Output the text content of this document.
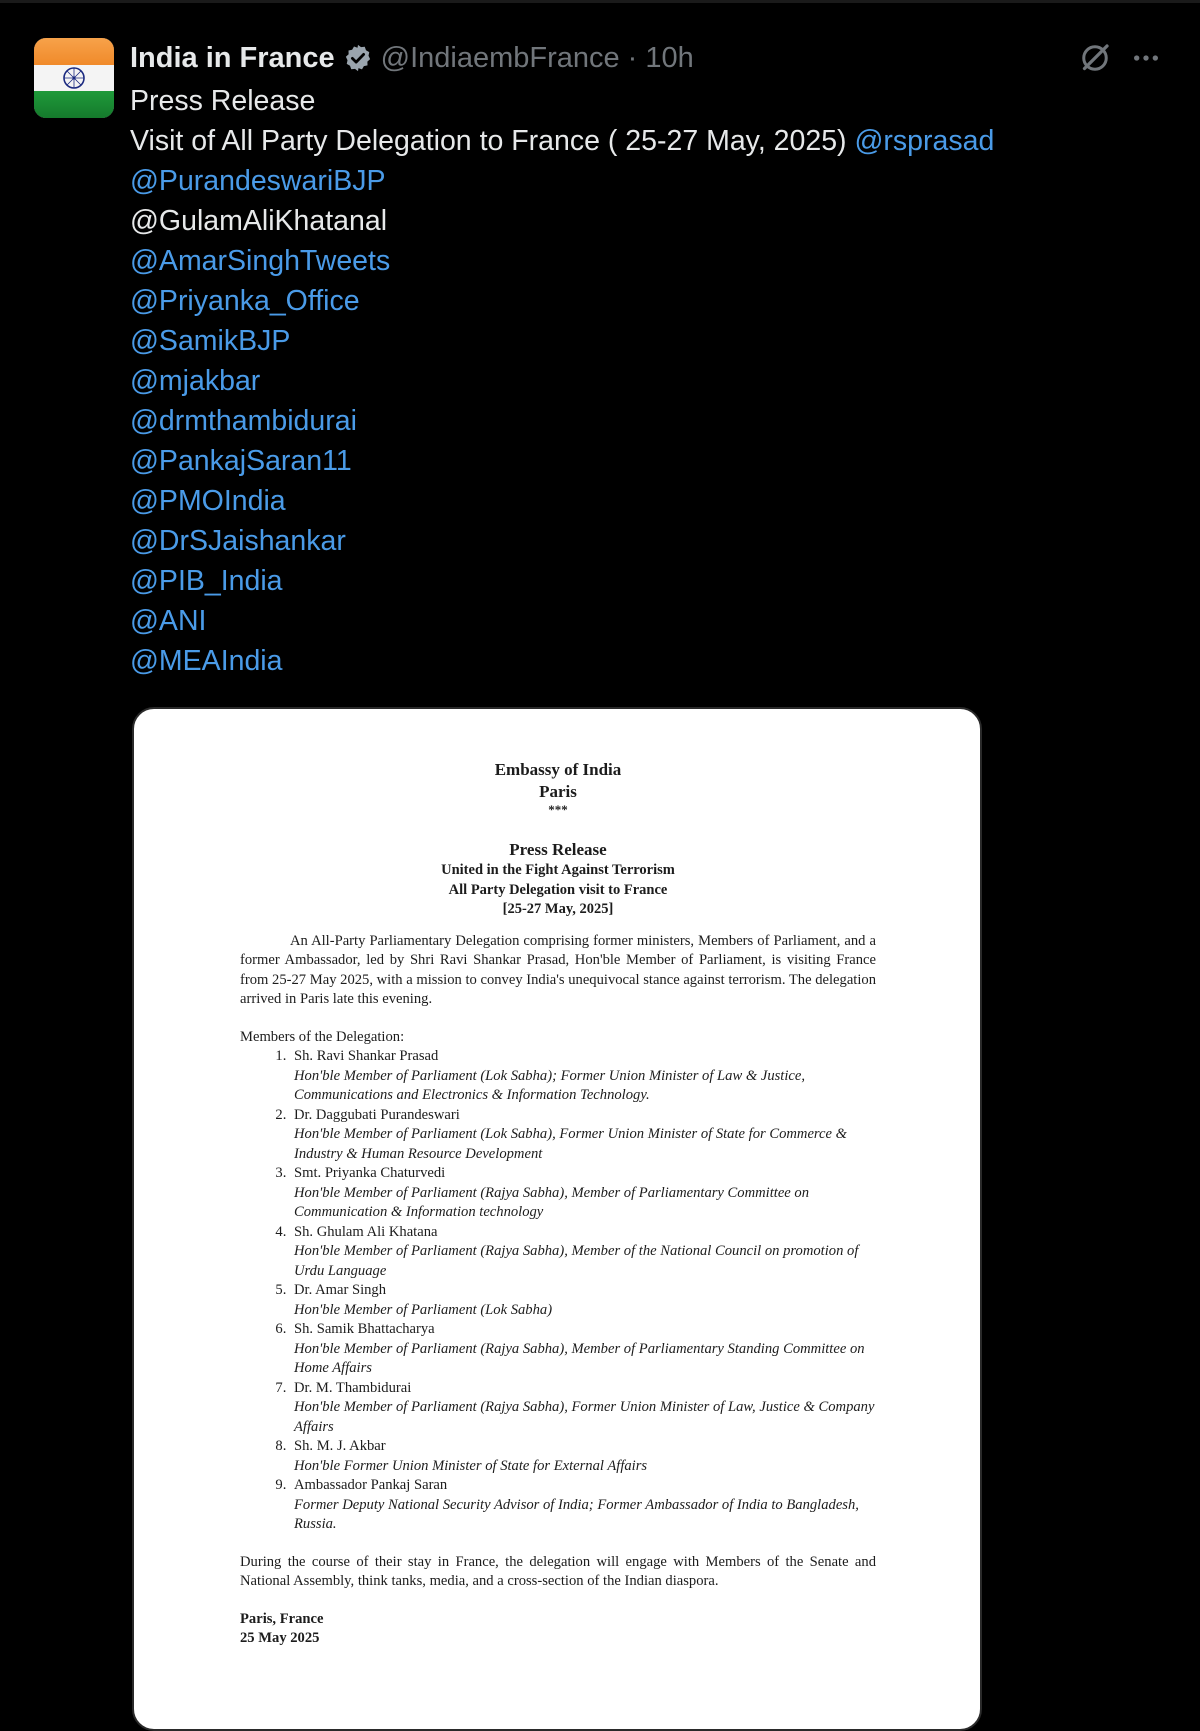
India in France @IndiaembFrance · 10h
Press Release
Visit of All Party Delegation to France ( 25-27 May, 2025) @rsprasad
@PurandeswariBJP
@GulamAliKhatanal
@AmarSinghTweets
@Priyanka_Office
@SamikBJP
@mjakbar
@drmthambidurai
@PankajSaran11
@PMOIndia
@DrSJaishankar
@PIB_India
@ANI
@MEAIndia
Embassy of India
Paris
***
Press Release
United in the Fight Against Terrorism
All Party Delegation visit to France
[25-27 May, 2025]
An All-Party Parliamentary Delegation comprising former ministers, Members of Parliament, and a former Ambassador, led by Shri Ravi Shankar Prasad, Hon'ble Member of Parliament, is visiting France from 25-27 May 2025, with a mission to convey India's unequivocal stance against terrorism. The delegation arrived in Paris late this evening.
Members of the Delegation:
1. Sh. Ravi Shankar Prasad
Hon'ble Member of Parliament (Lok Sabha); Former Union Minister of Law & Justice, Communications and Electronics & Information Technology.
2. Dr. Daggubati Purandeswari
Hon'ble Member of Parliament (Lok Sabha), Former Union Minister of State for Commerce & Industry & Human Resource Development
3. Smt. Priyanka Chaturvedi
Hon'ble Member of Parliament (Rajya Sabha), Member of Parliamentary Committee on Communication & Information technology
4. Sh. Ghulam Ali Khatana
Hon'ble Member of Parliament (Rajya Sabha), Member of the National Council on promotion of Urdu Language
5. Dr. Amar Singh
Hon'ble Member of Parliament (Lok Sabha)
6. Sh. Samik Bhattacharya
Hon'ble Member of Parliament (Rajya Sabha), Member of Parliamentary Standing Committee on Home Affairs
7. Dr. M. Thambidurai
Hon'ble Member of Parliament (Rajya Sabha), Former Union Minister of Law, Justice & Company Affairs
8. Sh. M. J. Akbar
Hon'ble Former Union Minister of State for External Affairs
9. Ambassador Pankaj Saran
Former Deputy National Security Advisor of India; Former Ambassador of India to Bangladesh, Russia.
During the course of their stay in France, the delegation will engage with Members of the Senate and National Assembly, think tanks, media, and a cross-section of the Indian diaspora.
Paris, France
25 May 2025
